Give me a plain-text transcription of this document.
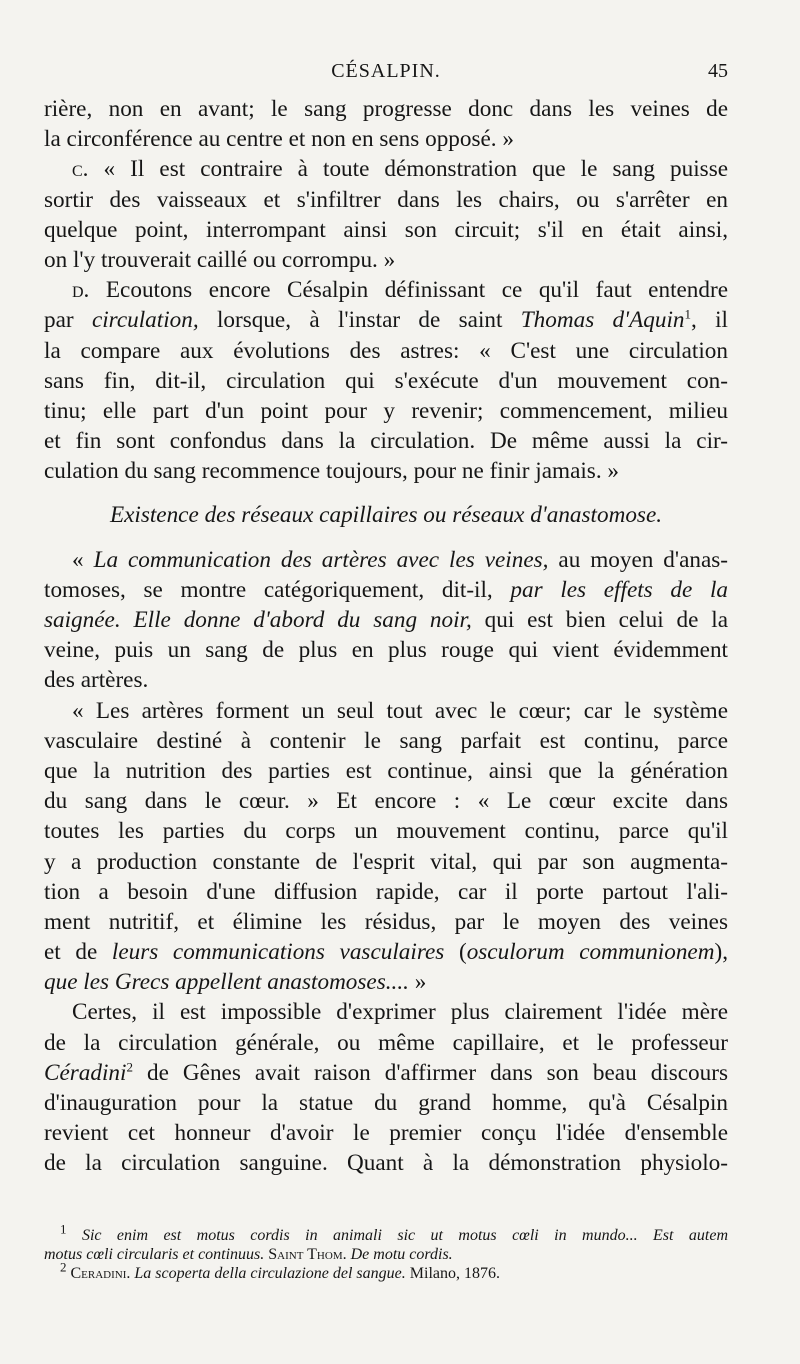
CÉSALPIN.	45
rière, non en avant; le sang progresse donc dans les veines de
la circonférence au centre et non en sens opposé. »
c. « Il est contraire à toute démonstration que le sang puisse
sortir des vaisseaux et s'infiltrer dans les chairs, ou s'arrêter en
quelque point, interrompant ainsi son circuit; s'il en était ainsi,
on l'y trouverait caillé ou corrompu. »
d. Ecoutons encore Césalpin définissant ce qu'il faut entendre
par circulation, lorsque, à l'instar de saint Thomas d'Aquin$^1$, il
la compare aux évolutions des astres: « C'est une circulation
sans fin, dit-il, circulation qui s'exécute d'un mouvement con-
tinu; elle part d'un point pour y revenir; commencement, milieu
et fin sont confondus dans la circulation. De même aussi la cir-
culation du sang recommence toujours, pour ne finir jamais. »
Existence des réseaux capillaires ou réseaux d'anastomose.
« La communication des artères avec les veines, au moyen d'anas-
tomoses, se montre catégoriquement, dit-il, par les effets de la
saignée. Elle donne d'abord du sang noir, qui est bien celui de la
veine, puis un sang de plus en plus rouge qui vient évidemment
des artères.
« Les artères forment un seul tout avec le cœur; car le système
vasculaire destiné à contenir le sang parfait est continu, parce
que la nutrition des parties est continue, ainsi que la génération
du sang dans le cœur. » Et encore : « Le cœur excite dans
toutes les parties du corps un mouvement continu, parce qu'il
y a production constante de l'esprit vital, qui par son augmenta-
tion a besoin d'une diffusion rapide, car il porte partout l'ali-
ment nutritif, et élimine les résidus, par le moyen des veines
et de leurs communications vasculaires (osculorum communionem),
que les Grecs appellent anastomoses.... »
Certes, il est impossible d'exprimer plus clairement l'idée mère
de la circulation générale, ou même capillaire, et le professeur
Céradini$^2$ de Gênes avait raison d'affirmer dans son beau discours
d'inauguration pour la statue du grand homme, qu'à Césalpin
revient cet honneur d'avoir le premier conçu l'idée d'ensemble
de la circulation sanguine. Quant à la démonstration physiolo-
$^1$ Sic enim est motus cordis in animali sic ut motus cœli in mundo... Est autem
motus cœli circularis et continuus. Saint Thom. De motu cordis.
$^2$ Ceradini. La scoperta della circulazione del sangue. Milano, 1876.
